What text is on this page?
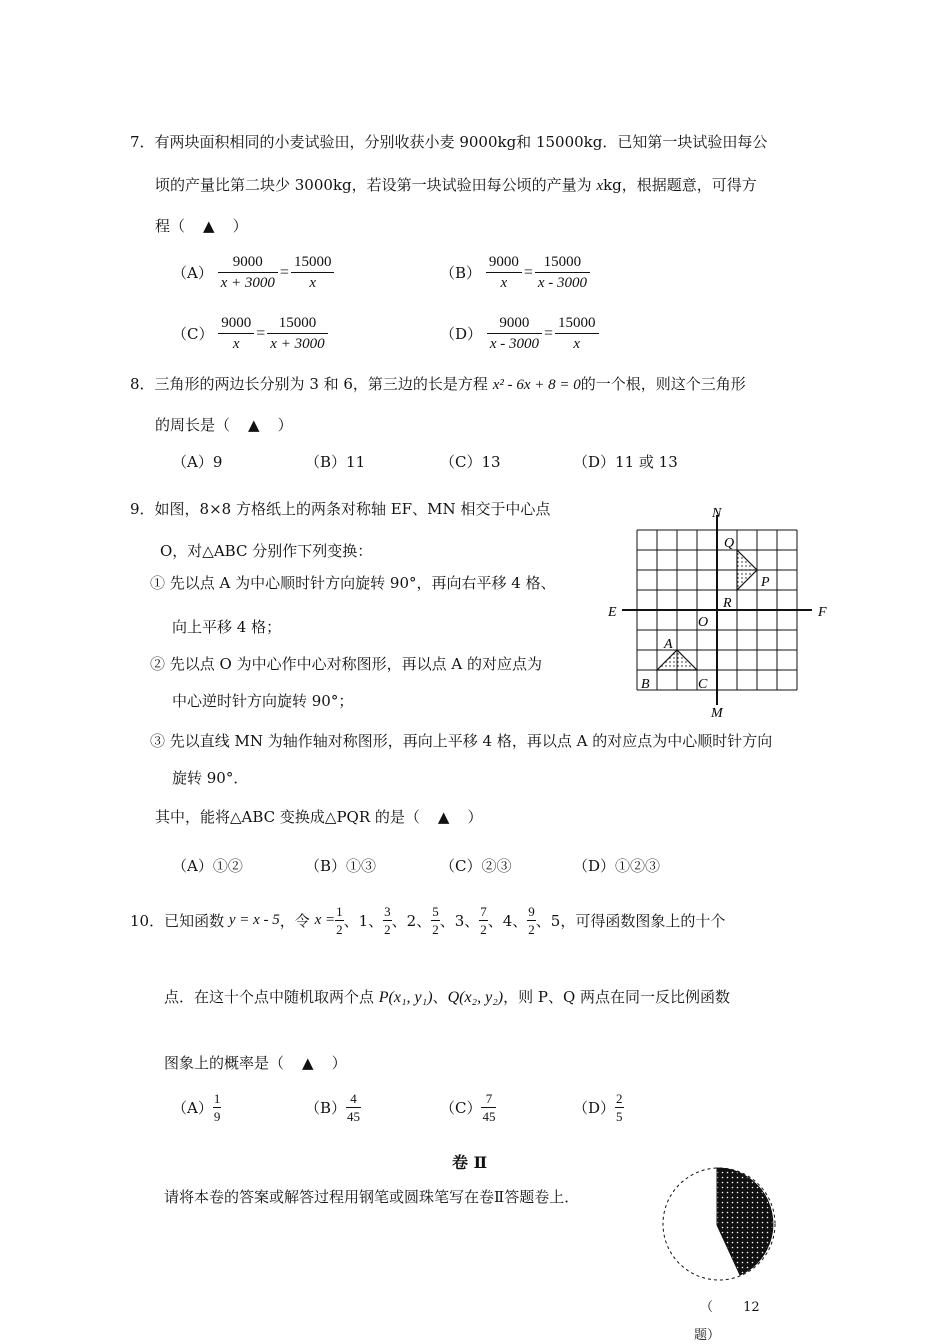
7．有两块面积相同的小麦试验田，分别收获小麦 9000kg和 15000kg．已知第一块试验田每公
顷的产量比第二块少 3000kg，若设第一块试验田每公顷的产量为 xkg，根据题意，可得方
程（ ▲ ）
$(A) \frac{9000}{x + 3000} = \frac{15000}{x}$	$(B) \frac{9000}{x} = \frac{15000}{x - 3000}$
$(C) \frac{9000}{x} = \frac{15000}{x + 3000}$	$(D) \frac{9000}{x - 3000} = \frac{15000}{x}$
8．三角形的两边长分别为 3 和 6，第三边的长是方程 x² - 6x + 8 = 0的一个根，则这个三角形
的周长是（ ▲ ）
（A）9	（B）11	（C）13	（D）11 或 13
9．如图，8×8 方格纸上的两条对称轴 EF、MN 相交于中心点
O，对△ABC 分别作下列变换：
① 先以点 A 为中心顺时针方向旋转 90°，再向右平移 4 格、
向上平移 4 格；
② 先以点 O 为中心作中心对称图形，再以点 A 的对应点为
中心逆时针方向旋转 90°；
③ 先以直线 MN 为轴作轴对称图形，再向上平移 4 格，再以点 A 的对应点为中心顺时针方向
旋转 90°．
其中，能将△ABC 变换成△PQR 的是（ ▲ ）
（A）①②	（B）①③	（C）②③	（D）①②③
N
M
E	F
O
A
B	C
Q
P
R
10．已知函数 y = x - 5，令 $x = \frac{1}{2}$ 、1、 $\frac{3}{2}$ 、2、 $\frac{5}{2}$ 、3、 $\frac{7}{2}$ 、4、 $\frac{9}{2}$ 、5，可得函数图象上的十个
点．在这十个点中随机取两个点 P(x₁, y₁)、Q(x₂, y₂)，则 P、Q 两点在同一反比例函数
图象上的概率是（ ▲ ）
$(A) \frac{1}{9}$	$(B) \frac{4}{45}$	$(C) \frac{7}{45}$	$(D) \frac{2}{5}$
卷 Ⅱ
请将本卷的答案或解答过程用钢笔或圆珠笔写在卷Ⅱ答题卷上．
（　　 12
题）
